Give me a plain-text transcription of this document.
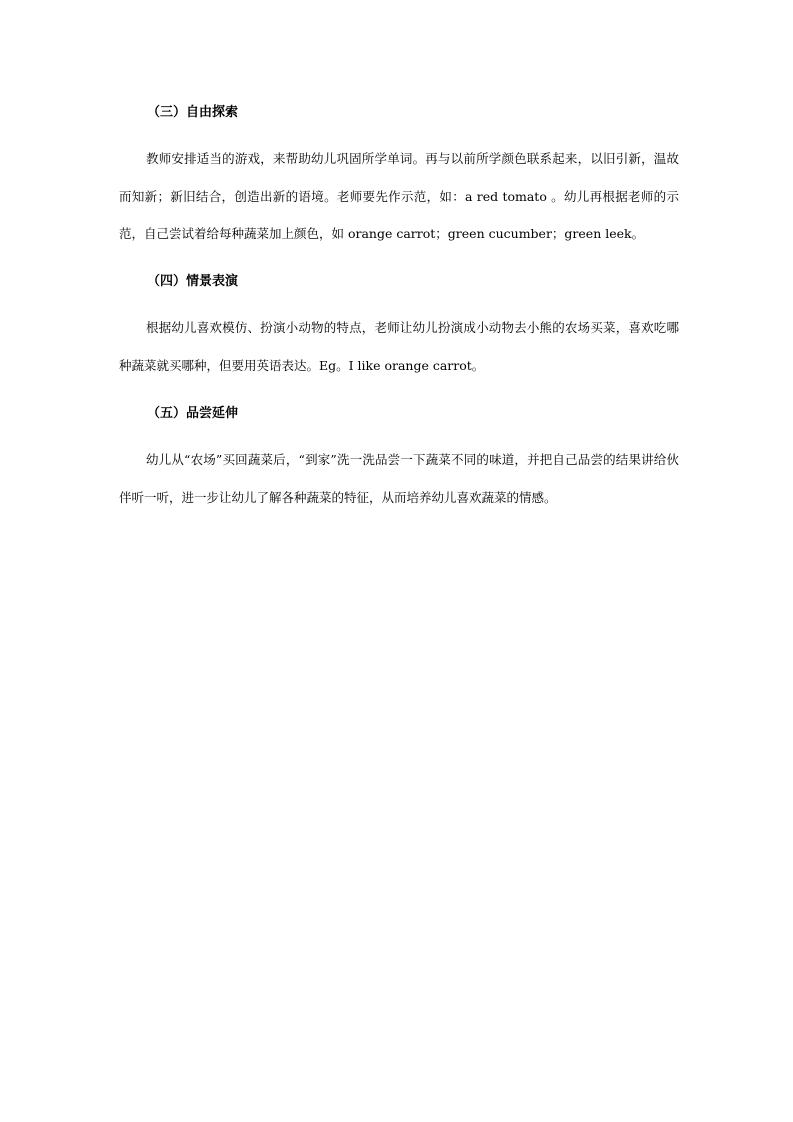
（三）自由探索

教师安排适当的游戏，来帮助幼儿巩固所学单词。再与以前所学颜色联系起来，以旧引新，温故而知新；新旧结合，创造出新的语境。老师要先作示范，如：a red tomato 。幼儿再根据老师的示范，自己尝试着给每种蔬菜加上颜色，如 orange carrot；green cucumber；green leek。

（四）情景表演

根据幼儿喜欢模仿、扮演小动物的特点，老师让幼儿扮演成小动物去小熊的农场买菜，喜欢吃哪种蔬菜就买哪种，但要用英语表达。Eg。I like orange carrot。

（五）品尝延伸

幼儿从“农场”买回蔬菜后，“到家”洗一洗品尝一下蔬菜不同的味道，并把自己品尝的结果讲给伙伴听一听，进一步让幼儿了解各种蔬菜的特征，从而培养幼儿喜欢蔬菜的情感。
